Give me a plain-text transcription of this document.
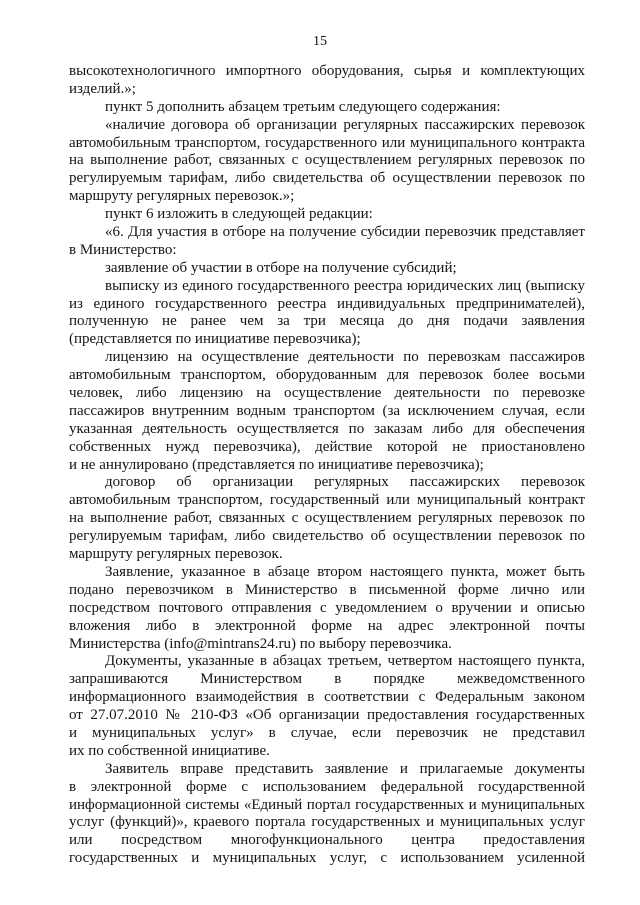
15
высокотехнологичного импортного оборудования, сырья и комплектующих
изделий.»;
пункт 5 дополнить абзацем третьим следующего содержания:
«наличие договора об организации регулярных пассажирских перевозок
автомобильным транспортом, государственного или муниципального контракта
на выполнение работ, связанных с осуществлением регулярных перевозок по
регулируемым тарифам, либо свидетельства об осуществлении перевозок по
маршруту регулярных перевозок.»;
пункт 6 изложить в следующей редакции:
«6. Для участия в отборе на получение субсидии перевозчик представляет
в Министерство:
заявление об участии в отборе на получение субсидий;
выписку из единого государственного реестра юридических лиц (выписку
из единого государственного реестра индивидуальных предпринимателей),
полученную не ранее чем за три месяца до дня подачи заявления
(представляется по инициативе перевозчика);
лицензию на осуществление деятельности по перевозкам пассажиров
автомобильным транспортом, оборудованным для перевозок более восьми
человек, либо лицензию на осуществление деятельности по перевозке
пассажиров внутренним водным транспортом (за исключением случая, если
указанная деятельность осуществляется по заказам либо для обеспечения
собственных нужд перевозчика), действие которой не приостановлено
и не аннулировано (представляется по инициативе перевозчика);
договор об организации регулярных пассажирских перевозок
автомобильным транспортом, государственный или муниципальный контракт
на выполнение работ, связанных с осуществлением регулярных перевозок по
регулируемым тарифам, либо свидетельство об осуществлении перевозок по
маршруту регулярных перевозок.
Заявление, указанное в абзаце втором настоящего пункта, может быть
подано перевозчиком в Министерство в письменной форме лично или
посредством почтового отправления с уведомлением о вручении и описью
вложения либо в электронной форме на адрес электронной почты
Министерства (info@mintrans24.ru) по выбору перевозчика.
Документы, указанные в абзацах третьем, четвертом настоящего пункта,
запрашиваются Министерством в порядке межведомственного
информационного взаимодействия в соответствии с Федеральным законом
от 27.07.2010 № 210-ФЗ «Об организации предоставления государственных
и муниципальных услуг» в случае, если перевозчик не представил
их по собственной инициативе.
Заявитель вправе представить заявление и прилагаемые документы
в электронной форме с использованием федеральной государственной
информационной системы «Единый портал государственных и муниципальных
услуг (функций)», краевого портала государственных и муниципальных услуг
или посредством многофункционального центра предоставления
государственных и муниципальных услуг, с использованием усиленной
